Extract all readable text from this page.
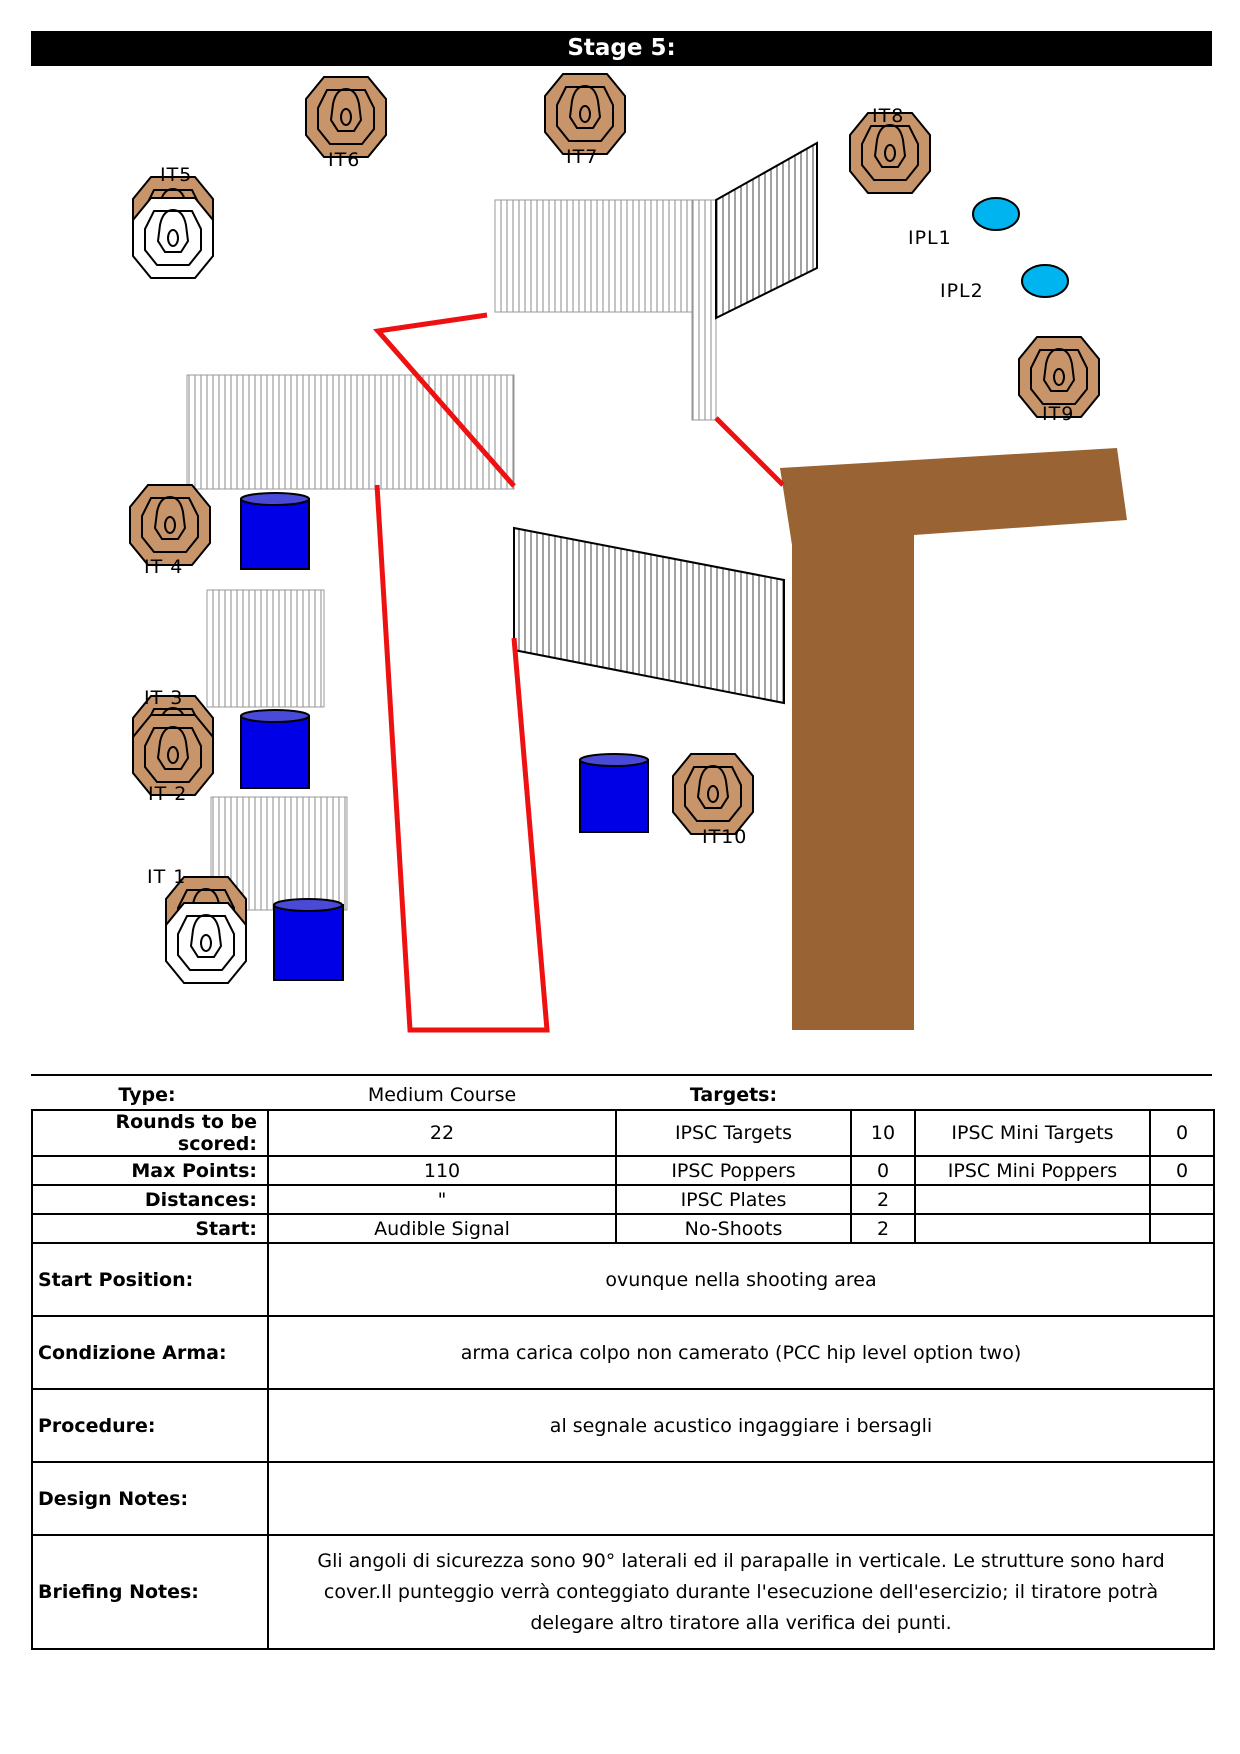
Stage 5:
IT5
IT6	IT7
IT8
IPL1
IPL2
IT9
IT 4
IT 3
IT 2
IT 1
IT10
Type:	Medium Course	Targets:			
Rounds to be scored:	22	IPSC Targets	10	IPSC Mini Targets	0
Max Points:	110	IPSC Poppers	0	IPSC Mini Poppers	0
Distances:	"	IPSC Plates	2		
Start:	Audible Signal	No-Shoots	2		
Start Position:	ovunque nella shooting area				
Condizione Arma:	arma carica colpo non camerato (PCC hip level option two)				
Procedure:	al segnale acustico ingaggiare i bersagli				
Design Notes:					
Briefing Notes:	Gli angoli di sicurezza sono 90° laterali ed il parapalle in verticale. Le strutture sono hard cover.Il punteggio verrà conteggiato durante l'esecuzione dell'esercizio; il tiratore potrà delegare altro tiratore alla verifica dei punti.				
